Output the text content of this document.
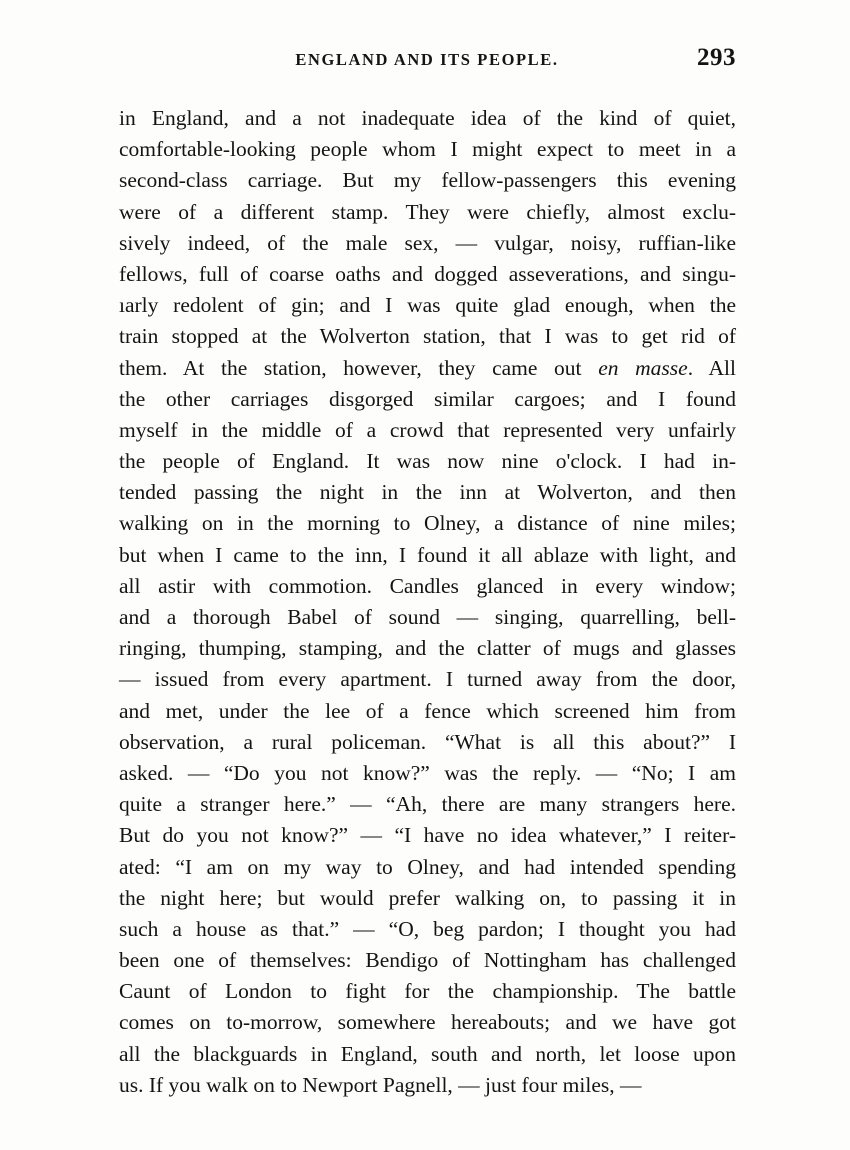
ENGLAND AND ITS PEOPLE.	293
in England, and a not inadequate idea of the kind of quiet,
comfortable-looking people whom I might expect to meet in a
second-class carriage. But my fellow-passengers this evening
were of a different stamp. They were chiefly, almost exclu-
sively indeed, of the male sex, — vulgar, noisy, ruffian-like
fellows, full of coarse oaths and dogged asseverations, and singu-
ıarly redolent of gin; and I was quite glad enough, when the
train stopped at the Wolverton station, that I was to get rid of
them. At the station, however, they came out en masse. All
the other carriages disgorged similar cargoes; and I found
myself in the middle of a crowd that represented very unfairly
the people of England. It was now nine o'clock. I had in-
tended passing the night in the inn at Wolverton, and then
walking on in the morning to Olney, a distance of nine miles;
but when I came to the inn, I found it all ablaze with light, and
all astir with commotion. Candles glanced in every window;
and a thorough Babel of sound — singing, quarrelling, bell-
ringing, thumping, stamping, and the clatter of mugs and glasses
— issued from every apartment. I turned away from the door,
and met, under the lee of a fence which screened him from
observation, a rural policeman. “What is all this about?” I
asked. — “Do you not know?” was the reply. — “No; I am
quite a stranger here.” — “Ah, there are many strangers here.
But do you not know?” — “I have no idea whatever,” I reiter-
ated: “I am on my way to Olney, and had intended spending
the night here; but would prefer walking on, to passing it in
such a house as that.” — “O, beg pardon; I thought you had
been one of themselves: Bendigo of Nottingham has challenged
Caunt of London to fight for the championship. The battle
comes on to-morrow, somewhere hereabouts; and we have got
all the blackguards in England, south and north, let loose upon
us. If you walk on to Newport Pagnell, — just four miles, —
